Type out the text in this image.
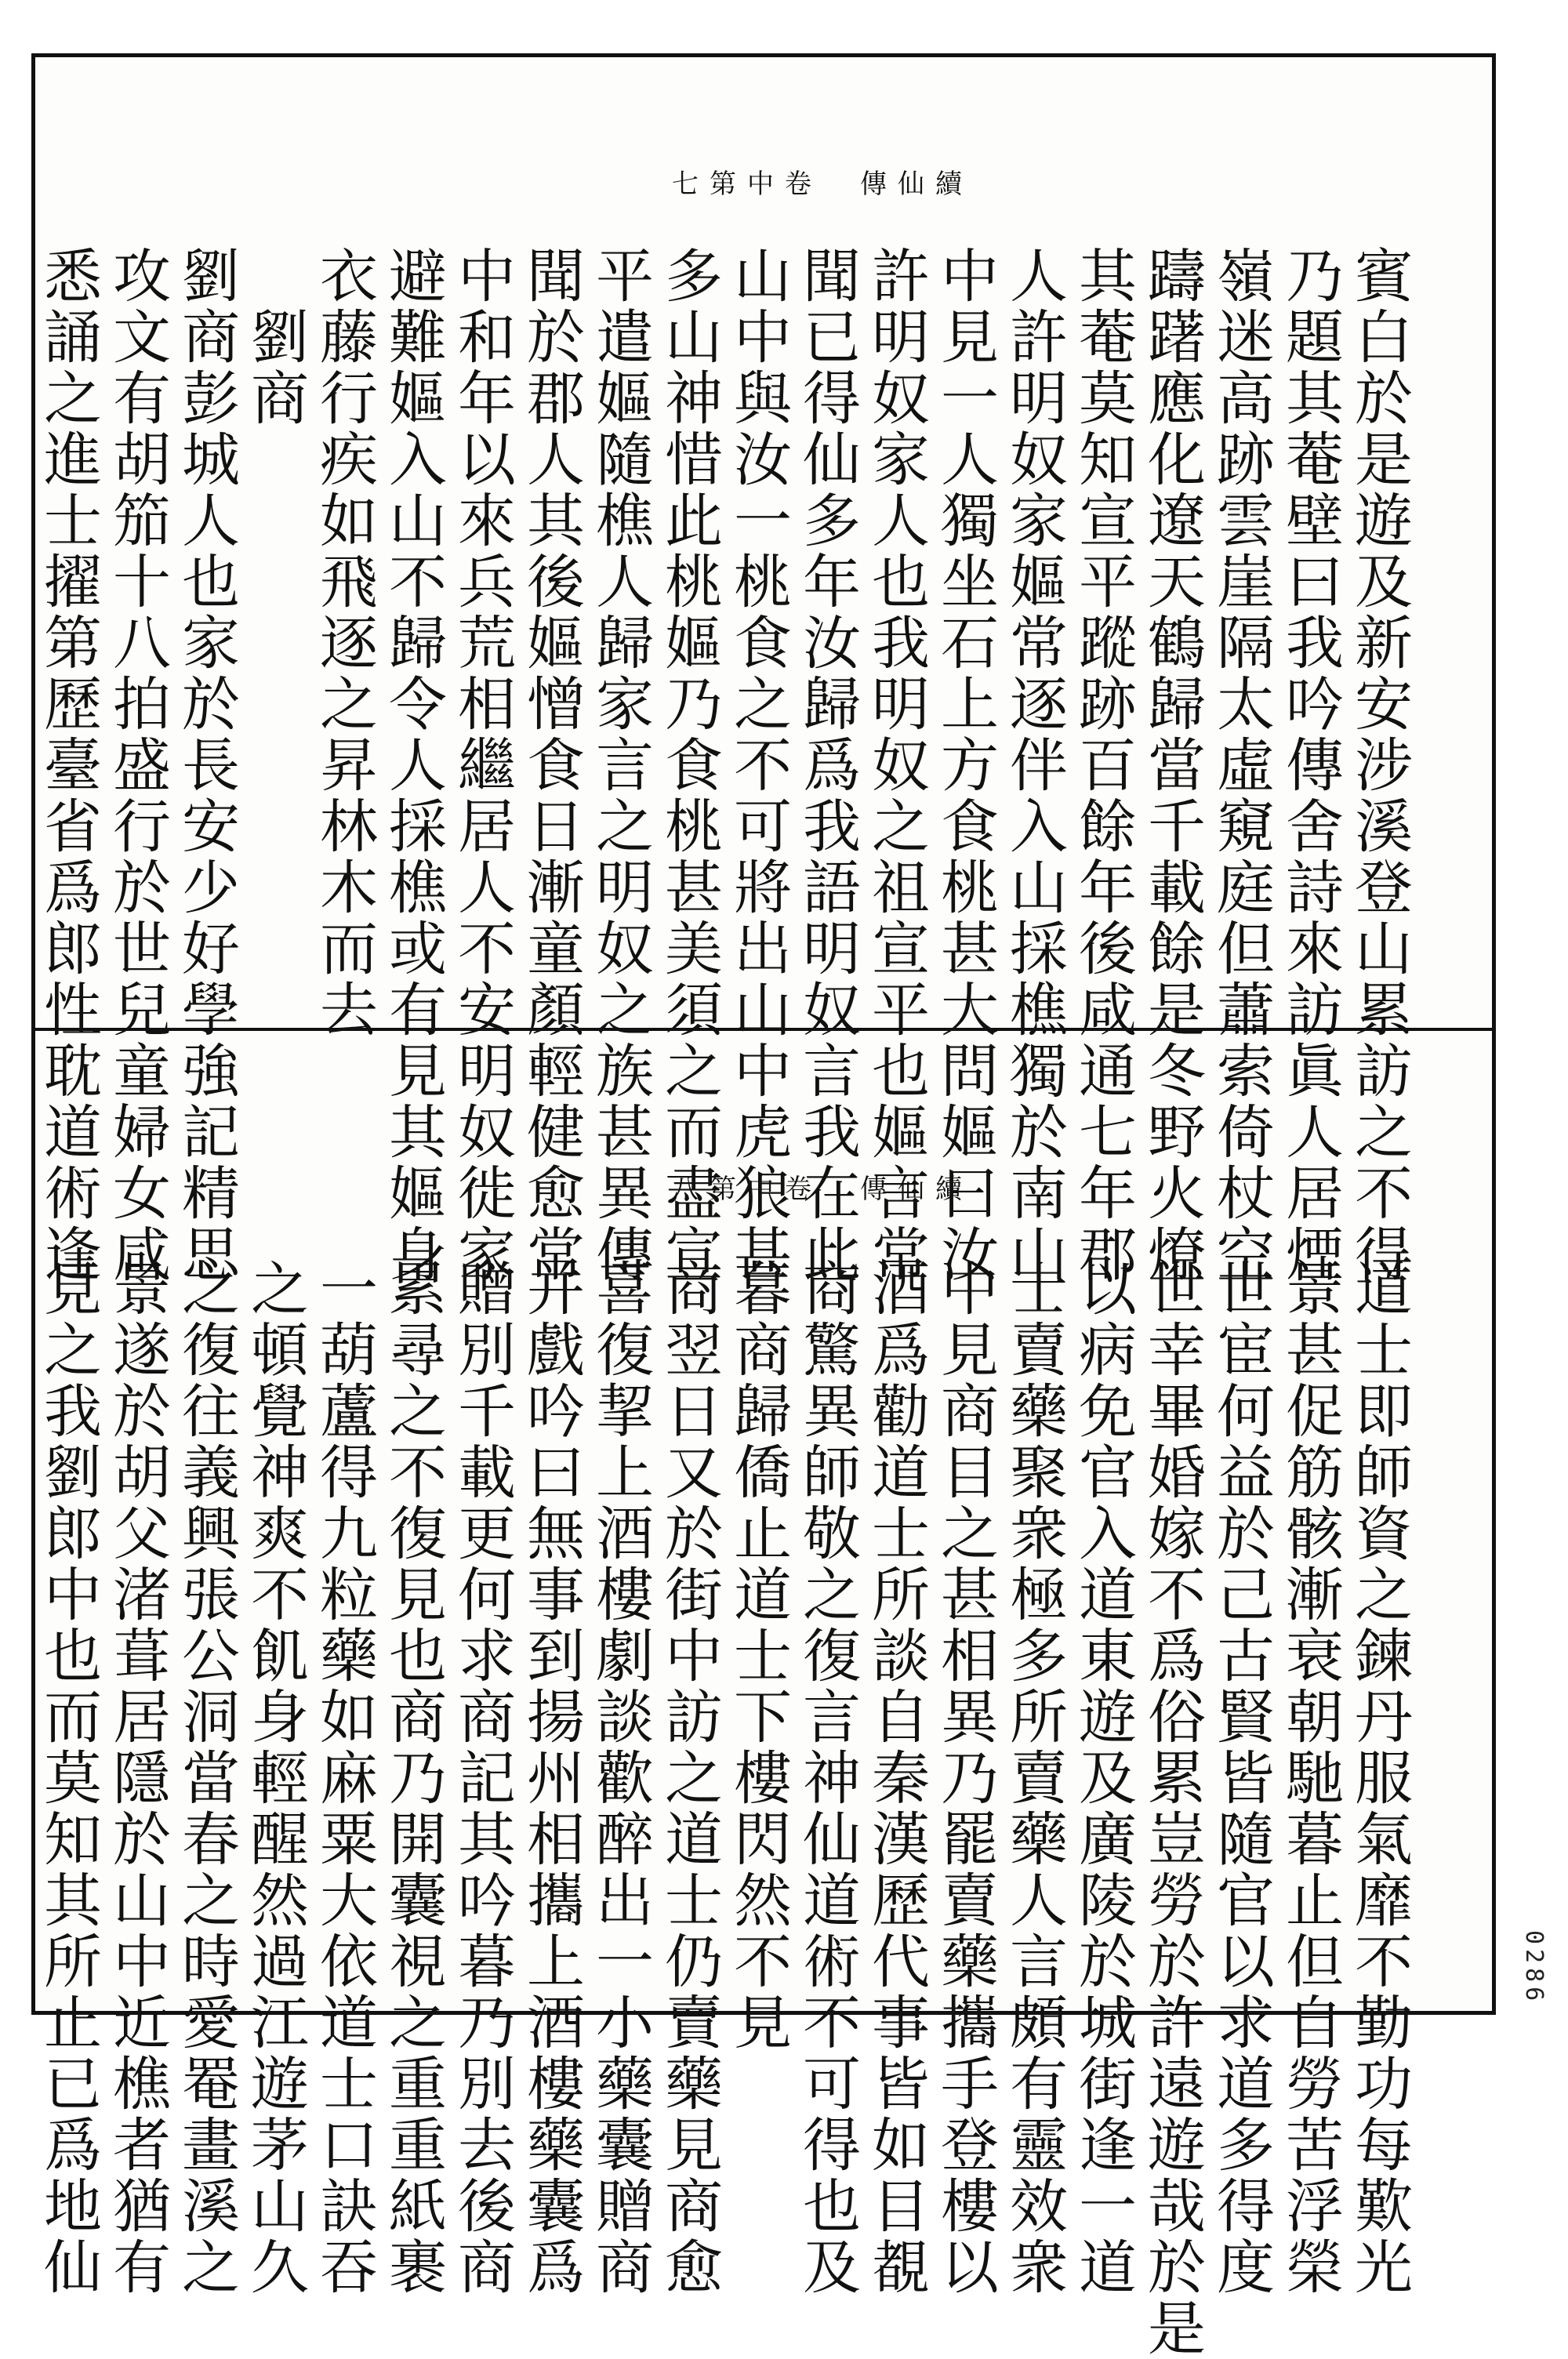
七第中卷　傳仙續
賓白於是遊及新安涉溪登山累訪之不得
乃題其菴壁曰我吟傳舍詩來訪眞人居煙
嶺迷高跡雲崖隔太虛窺庭但蕭索倚杖空
躊躇應化遼天鶴歸當千載餘是冬野火燎
其菴莫知宣平蹤跡百餘年後咸通七年郡
人許明奴家嫗常逐伴入山採樵獨於南山
中見一人獨坐石上方食桃甚大問嫗曰汝
許明奴家人也我明奴之祖宣平也嫗言常
聞已得仙多年汝歸爲我語明奴言我在此
山中與汝一桃食之不可將出山中虎狼甚
多山神惜此桃嫗乃食桃甚美須之而盡宣
平遣嫗隨樵人歸家言之明奴之族甚異傳
聞於郡人其後嫗憎食日漸童顏輕健愈常
中和年以來兵荒相繼居人不安明奴徙家
避難嫗入山不歸令人採樵或有見其嫗身
衣藤行疾如飛逐之昇林木而去
　劉商
劉商彭城人也家於長安少好學強記精思
攻文有胡笳十八拍盛行於世兒童婦女咸
悉誦之進士擢第歷臺省爲郎性耽道術逢	八第中卷　傳仙續
道士即師資之鍊丹服氣靡不勤功每歎光
景甚促筋骸漸衰朝馳暮止但自勞苦浮榮
世宦何益於己古賢皆隨官以求道多得度
世幸畢婚嫁不爲俗累豈勞於許遠遊哉於是
以病免官入道東遊及廣陵於城街逢一道
士賣藥聚衆極多所賣藥人言頗有靈效衆
中見商目之甚相異乃罷賣藥攜手登樓以
酒爲勸道士所談自秦漢歷代事皆如目覩
商驚異師敬之復言神仙道術不可得也及
暮商歸僑止道士下樓閃然不見
商翌日又於街中訪之道士仍賣藥見商愈
喜復挈上酒樓劇談歡醉出一小藥囊贈商
并戲吟曰無事到揚州相攜上酒樓藥囊爲
贈別千載更何求商記其吟暮乃別去後商
累尋之不復見也商乃開囊視之重重紙裹
一葫蘆得九粒藥如麻粟大依道士口訣吞
之頓覺神爽不飢身輕醒然過江遊茅山久
之復往義興張公洞當春之時愛罨畫溪之
景遂於胡父渚葺居隱於山中近樵者猶有
見之我劉郎中也而莫知其所止已爲地仙	0286
